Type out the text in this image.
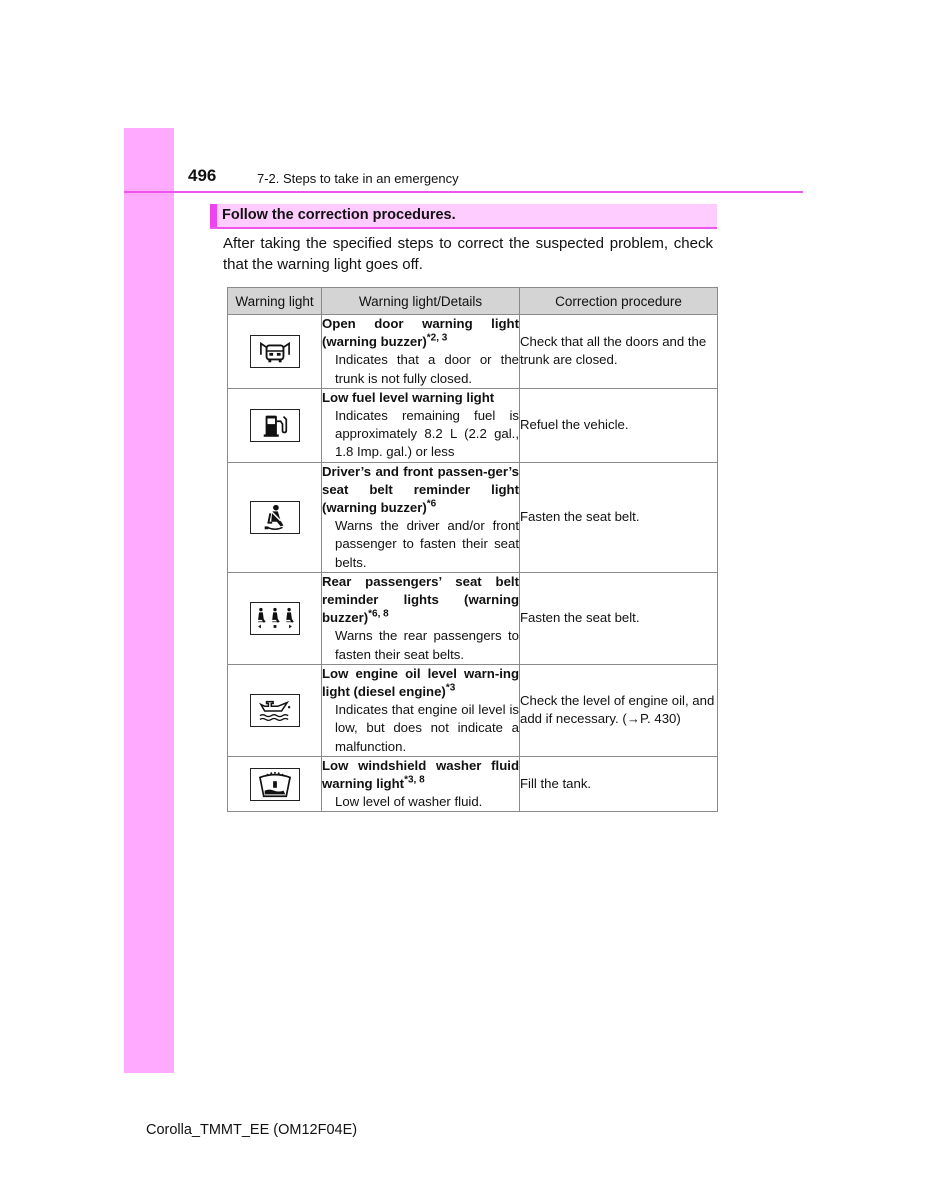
496	7-2. Steps to take in an emergency
Follow the correction procedures.
After taking the specified steps to correct the suspected problem, check that the warning light goes off.
Warning light	Warning light/Details	Correction procedure

Open door warning light (warning buzzer)$^{*2, 3}$
Indicates that a door or the trunk is not fully closed.	Check that all the doors and the trunk are closed.

Low fuel level warning light
Indicates remaining fuel is approximately 8.2 L (2.2 gal., 1.8 Imp. gal.) or less	Refuel the vehicle.

Driver’s and front passen-ger’s seat belt reminder light (warning buzzer)$^{*6}$
Warns the driver and/or front passenger to fasten their seat belts.	Fasten the seat belt.

Rear passengers’ seat belt reminder lights (warning buzzer)$^{*6, 8}$
Warns the rear passengers to fasten their seat belts.	Fasten the seat belt.

Low engine oil level warn-ing light (diesel engine)$^{*3}$
Indicates that engine oil level is low, but does not indicate a malfunction.	Check the level of engine oil, and add if necessary. (→P. 430)

Low windshield washer fluid warning light$^{*3, 8}$
Low level of washer fluid.	Fill the tank.
Corolla_TMMT_EE (OM12F04E)
